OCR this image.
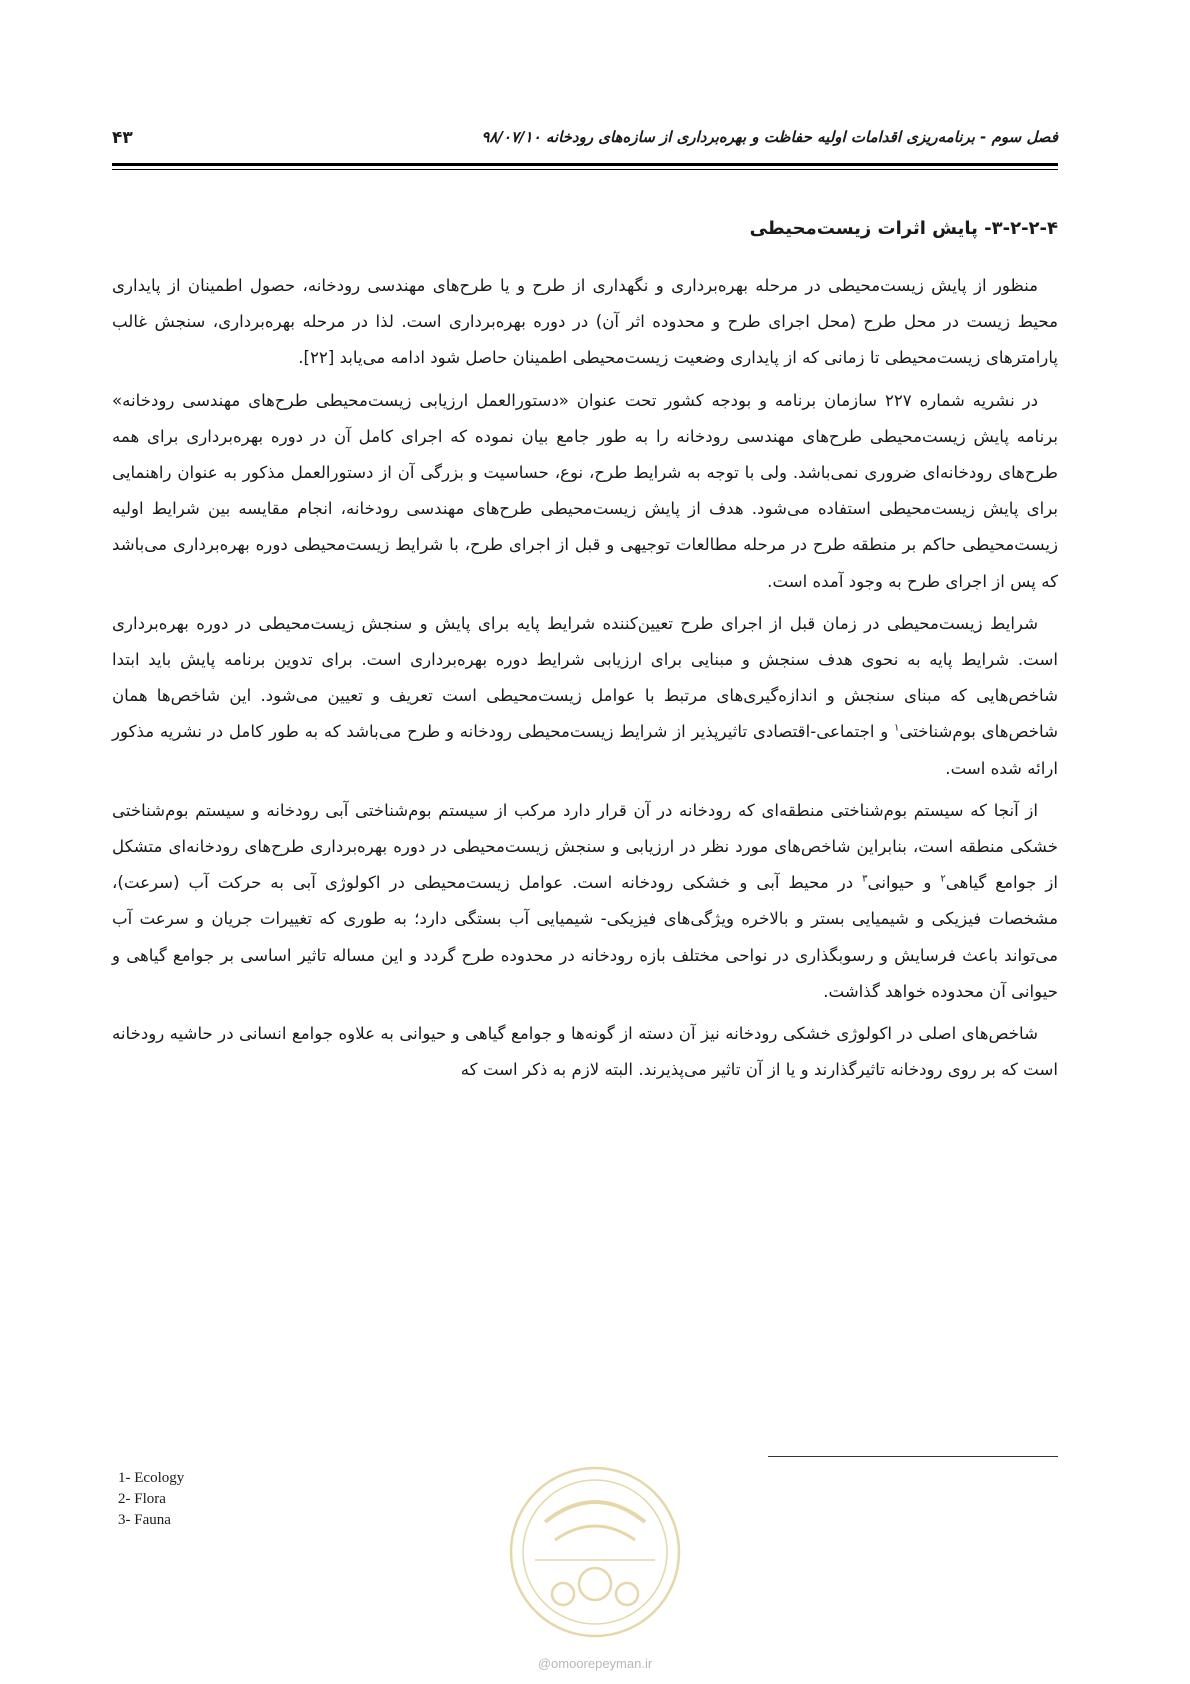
فصل سوم - برنامه‌ریزی اقدامات اولیه حفاظت و بهره‌برداری از سازه‌های رودخانه ۹۸/۰۷/۱۰
۴۳
۳-۲-۲-۴- پایش اثرات زیست‌محیطی

منظور از پایش زیست‌محیطی در مرحله بهره‌برداری و نگهداری از طرح و یا طرح‌های مهندسی رودخانه، حصول اطمینان از پایداری محیط زیست در محل طرح (محل اجرای طرح و محدوده اثر آن) در دوره بهره‌برداری است. لذا در مرحله بهره‌برداری، سنجش غالب پارامترهای زیست‌محیطی تا زمانی که از پایداری وضعیت زیست‌محیطی اطمینان حاصل شود ادامه می‌یابد [۲۲].

در نشریه شماره ۲۲۷ سازمان برنامه و بودجه کشور تحت عنوان «دستورالعمل ارزیابی زیست‌محیطی طرح‌های مهندسی رودخانه» برنامه پایش زیست‌محیطی طرح‌های مهندسی رودخانه را به طور جامع بیان نموده که اجرای کامل آن در دوره بهره‌برداری برای همه طرح‌های رودخانه‌ای ضروری نمی‌باشد. ولی با توجه به شرایط طرح، نوع، حساسیت و بزرگی آن از دستورالعمل مذکور به عنوان راهنمایی برای پایش زیست‌محیطی استفاده می‌شود. هدف از پایش زیست‌محیطی طرح‌های مهندسی رودخانه، انجام مقایسه بین شرایط اولیه زیست‌محیطی حاکم بر منطقه طرح در مرحله مطالعات توجیهی و قبل از اجرای طرح، با شرایط زیست‌محیطی دوره بهره‌برداری می‌باشد که پس از اجرای طرح به وجود آمده است.

شرایط زیست‌محیطی در زمان قبل از اجرای طرح تعیین‌کننده شرایط پایه برای پایش و سنجش زیست‌محیطی در دوره بهره‌برداری است. شرایط پایه به نحوی هدف سنجش و مبنایی برای ارزیابی شرایط دوره بهره‌برداری است. برای تدوین برنامه پایش باید ابتدا شاخص‌هایی که مبنای سنجش و اندازه‌گیری‌های مرتبط با عوامل زیست‌محیطی است تعریف و تعیین می‌شود. این شاخص‌ها همان شاخص‌های بوم‌شناختی$^۱$ و اجتماعی-اقتصادی تاثیرپذیر از شرایط زیست‌محیطی رودخانه و طرح می‌باشد که به طور کامل در نشریه مذکور ارائه شده است.

از آنجا که سیستم بوم‌شناختی منطقه‌ای که رودخانه در آن قرار دارد مرکب از سیستم بوم‌شناختی آبی رودخانه و سیستم بوم‌شناختی خشکی منطقه است، بنابراین شاخص‌های مورد نظر در ارزیابی و سنجش زیست‌محیطی در دوره بهره‌برداری طرح‌های رودخانه‌ای متشکل از جوامع گیاهی$^۲$ و حیوانی$^۳$ در محیط آبی و خشکی رودخانه است. عوامل زیست‌محیطی در اکولوژی آبی به حرکت آب (سرعت)، مشخصات فیزیکی و شیمیایی بستر و بالاخره ویژگی‌های فیزیکی- شیمیایی آب بستگی دارد؛ به طوری که تغییرات جریان و سرعت آب می‌تواند باعث فرسایش و رسوبگذاری در نواحی مختلف بازه رودخانه در محدوده طرح گردد و این مساله تاثیر اساسی بر جوامع گیاهی و حیوانی آن محدوده خواهد گذاشت.

شاخص‌های اصلی در اکولوژی خشکی رودخانه نیز آن دسته از گونه‌ها و جوامع گیاهی و حیوانی به علاوه جوامع انسانی در حاشیه رودخانه است که بر روی رودخانه تاثیرگذارند و یا از آن تاثیر می‌پذیرند. البته لازم به ذکر است که

1- Ecology
2- Flora
3- Fauna
@omoorepeyman.ir
